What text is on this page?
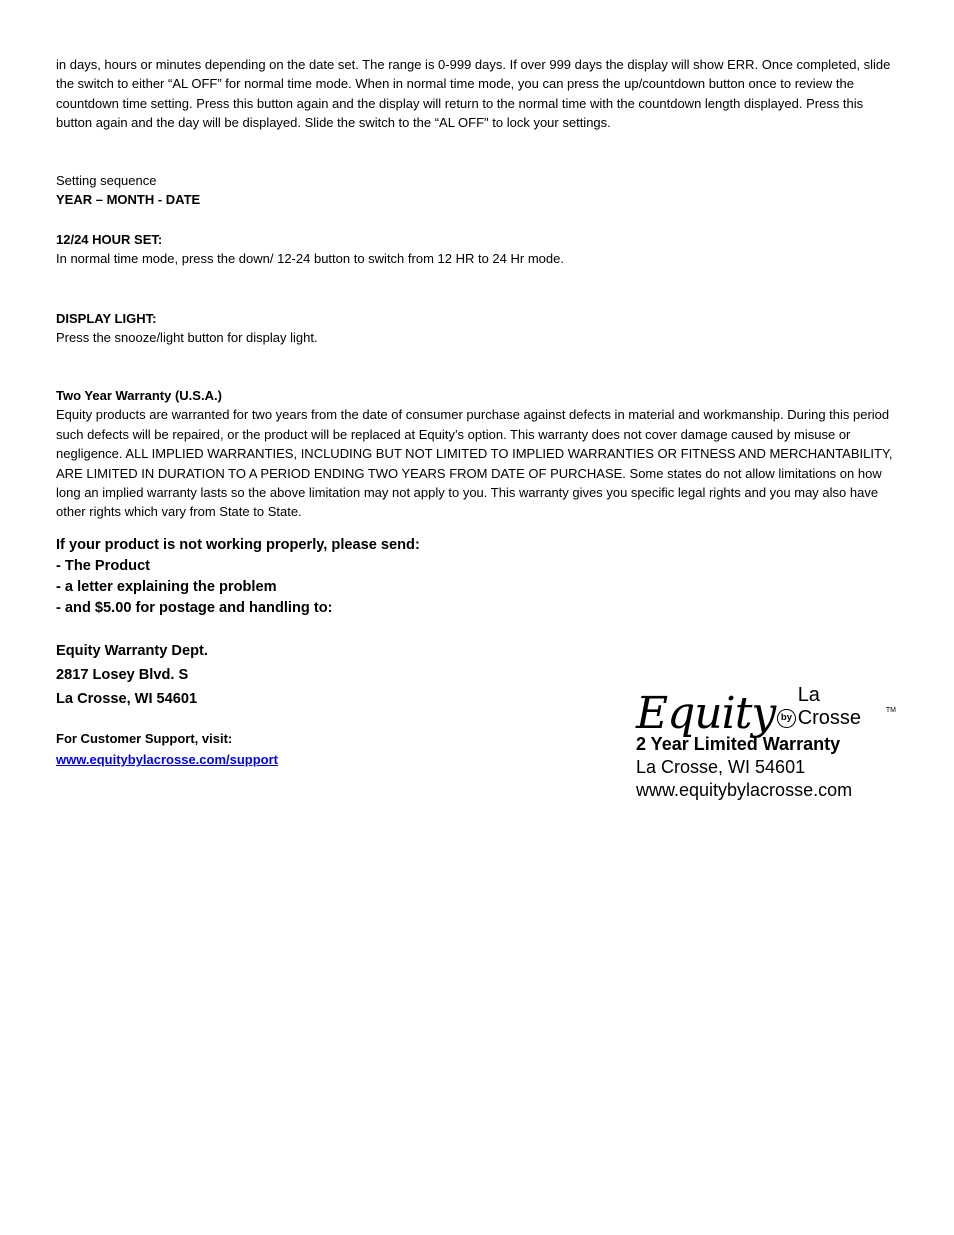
in days, hours or minutes depending on the date set. The range is 0-999 days. If over 999 days the display will show ERR. Once completed, slide the switch to either “AL OFF” for normal time mode. When in normal time mode, you can press the up/countdown button once to review the countdown time setting. Press this button again and the display will return to the normal time with the countdown length displayed. Press this button again and the day will be displayed. Slide the switch to the “AL OFF" to lock your settings.

Setting sequence

YEAR – MONTH - DATE

12/24 HOUR SET:

In normal time mode, press the down/ 12-24 button to switch from 12 HR to 24 Hr mode.

DISPLAY LIGHT:

Press the snooze/light button for display light.

Two Year Warranty (U.S.A.)

Equity products are warranted for two years from the date of consumer purchase against defects in material and workmanship. During this period such defects will be repaired, or the product will be replaced at Equity’s option. This warranty does not cover damage caused by misuse or negligence. ALL IMPLIED WARRANTIES, INCLUDING BUT NOT LIMITED TO IMPLIED WARRANTIES OR FITNESS AND MERCHANTABILITY, ARE LIMITED IN DURATION TO A PERIOD ENDING TWO YEARS FROM DATE OF PURCHASE. Some states do not allow limitations on how long an implied warranty lasts so the above limitation may not apply to you. This warranty gives you specific legal rights and you may also have other rights which vary from State to State.

If your product is not working properly, please send:

- The Product

- a letter explaining the problem

- and $5.00 for postage and handling to:

Equity Warranty Dept.

2817 Losey Blvd. S

La Crosse, WI 54601

For Customer Support, visit:

www.equitybylacrosse.com/support
Equity by
La Crosse	TM
2 Year Limited Warranty
La Crosse, WI 54601
www.equitybylacrosse.com
